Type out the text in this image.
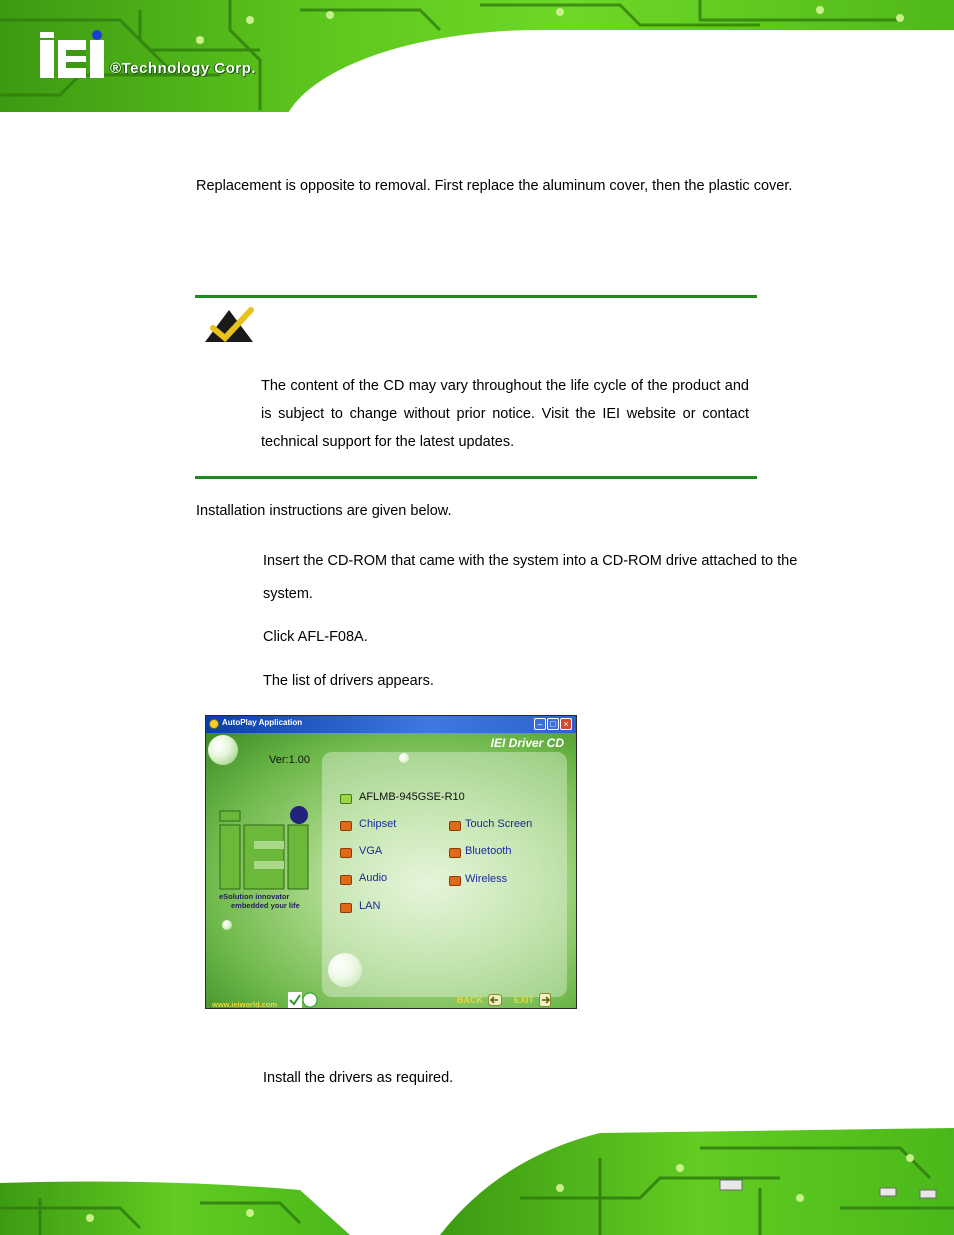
®Technology Corp.
Replacement is opposite to removal. First replace the aluminum cover, then the plastic cover.
The content of the CD may vary throughout the life cycle of the product and is subject to change without prior notice. Visit the IEI website or contact technical support for the latest updates.
Installation instructions are given below.
Insert the CD-ROM that came with the system into a CD-ROM drive attached to the system.
Click AFL-F08A.
The list of drivers appears.
AutoPlay Application	– □ ×
IEI Driver CD
Ver:1.00
eSolution innovator
embedded your life
AFLMB-945GSE-R10
Chipset
VGA
Audio
LAN
Touch Screen
Bluetooth
Wireless
www.ieiworld.com	BACK	EXIT
Install the drivers as required.
